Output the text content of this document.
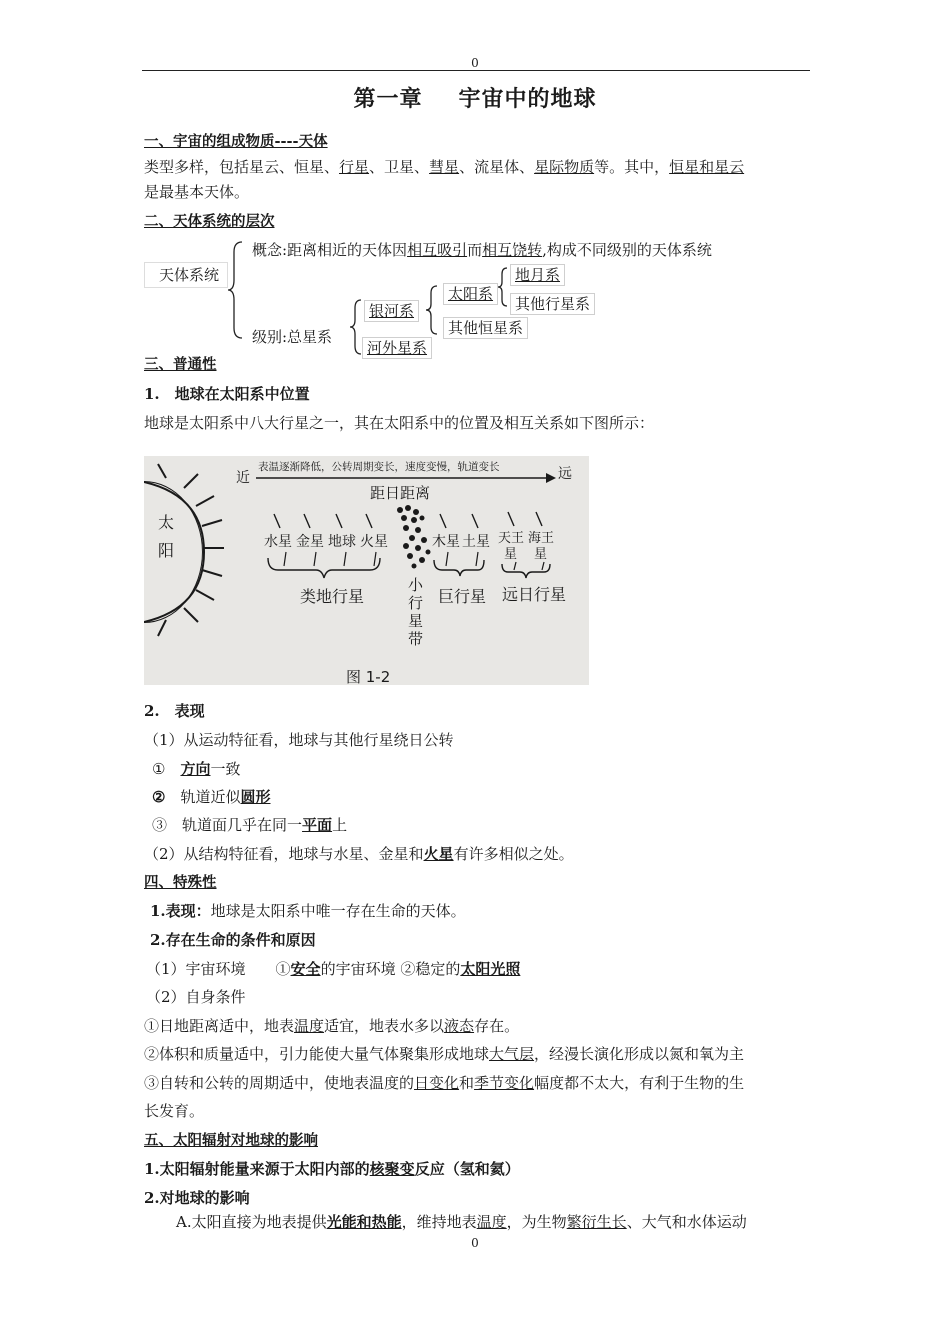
0
第一章 宇宙中的地球
一、宇宙的组成物质----天体
类型多样，包括星云、恒星、行星、卫星、彗星、流星体、星际物质等。其中，恒星和星云
是最基本天体。
二、天体系统的层次
天体系统
概念:距离相近的天体因相互吸引而相互饶转,构成不同级别的天体系统
级别:总星系
银河系
河外星系
太阳系
其他恒星系
地月系
其他行星系
三、普通性
1.　地球在太阳系中位置
地球是太阳系中八大行星之一，其在太阳系中的位置及相互关系如下图所示：
太
阳
近	远
表温逐渐降低，公转周期变长，速度变慢，轨道变长
距日距离
水星 金星 地球 火星	木星 土星 天王
星
海王
星
小
行
星
带
类地行星	巨行星 远日行星
图 1-2
2.　表现
（1）从运动特征看，地球与其他行星绕日公转
①　 方向一致
②　 轨道近似圆形
③　 轨道面几乎在同一平面上
（2）从结构特征看，地球与水星、金星和火星有许多相似之处。
四、特殊性
1.表现：地球是太阳系中唯一存在生命的天体。
2.存在生命的条件和原因
（1）宇宙环境　　①安全的宇宙环境 ②稳定的太阳光照
（2）自身条件
①日地距离适中，地表温度适宜，地表水多以液态存在。
②体积和质量适中，引力能使大量气体聚集形成地球大气层，经漫长演化形成以氮和氧为主
③自转和公转的周期适中，使地表温度的日变化和季节变化幅度都不太大，有利于生物的生
长发育。
五、太阳辐射对地球的影响
1.太阳辐射能量来源于太阳内部的核聚变反应（氢和氦）
2.对地球的影响
A.太阳直接为地表提供光能和热能，维持地表温度，为生物繁衍生长、大气和水体运动
0
